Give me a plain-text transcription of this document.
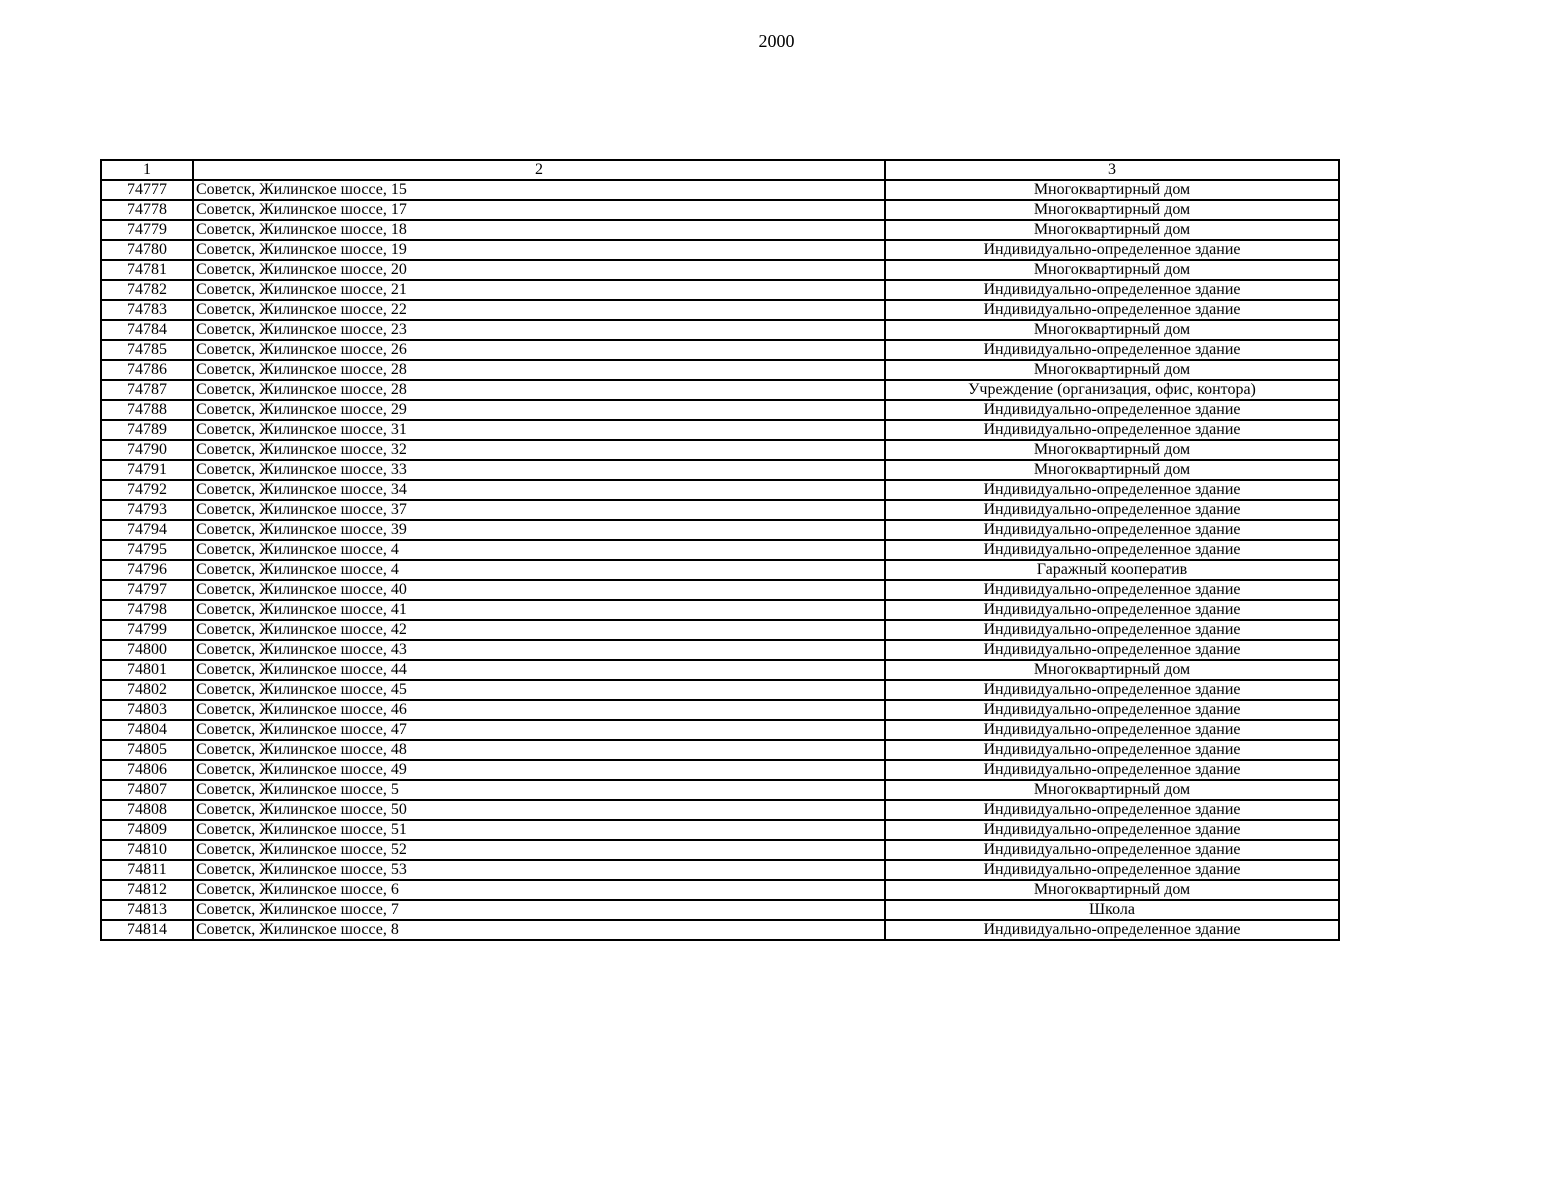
2000
1	2	3
74777	Советск, Жилинское шоссе, 15	Многоквартирный дом
74778	Советск, Жилинское шоссе, 17	Многоквартирный дом
74779	Советск, Жилинское шоссе, 18	Многоквартирный дом
74780	Советск, Жилинское шоссе, 19	Индивидуально-определенное здание
74781	Советск, Жилинское шоссе, 20	Многоквартирный дом
74782	Советск, Жилинское шоссе, 21	Индивидуально-определенное здание
74783	Советск, Жилинское шоссе, 22	Индивидуально-определенное здание
74784	Советск, Жилинское шоссе, 23	Многоквартирный дом
74785	Советск, Жилинское шоссе, 26	Индивидуально-определенное здание
74786	Советск, Жилинское шоссе, 28	Многоквартирный дом
74787	Советск, Жилинское шоссе, 28	Учреждение (организация, офис, контора)
74788	Советск, Жилинское шоссе, 29	Индивидуально-определенное здание
74789	Советск, Жилинское шоссе, 31	Индивидуально-определенное здание
74790	Советск, Жилинское шоссе, 32	Многоквартирный дом
74791	Советск, Жилинское шоссе, 33	Многоквартирный дом
74792	Советск, Жилинское шоссе, 34	Индивидуально-определенное здание
74793	Советск, Жилинское шоссе, 37	Индивидуально-определенное здание
74794	Советск, Жилинское шоссе, 39	Индивидуально-определенное здание
74795	Советск, Жилинское шоссе, 4	Индивидуально-определенное здание
74796	Советск, Жилинское шоссе, 4	Гаражный кооператив
74797	Советск, Жилинское шоссе, 40	Индивидуально-определенное здание
74798	Советск, Жилинское шоссе, 41	Индивидуально-определенное здание
74799	Советск, Жилинское шоссе, 42	Индивидуально-определенное здание
74800	Советск, Жилинское шоссе, 43	Индивидуально-определенное здание
74801	Советск, Жилинское шоссе, 44	Многоквартирный дом
74802	Советск, Жилинское шоссе, 45	Индивидуально-определенное здание
74803	Советск, Жилинское шоссе, 46	Индивидуально-определенное здание
74804	Советск, Жилинское шоссе, 47	Индивидуально-определенное здание
74805	Советск, Жилинское шоссе, 48	Индивидуально-определенное здание
74806	Советск, Жилинское шоссе, 49	Индивидуально-определенное здание
74807	Советск, Жилинское шоссе, 5	Многоквартирный дом
74808	Советск, Жилинское шоссе, 50	Индивидуально-определенное здание
74809	Советск, Жилинское шоссе, 51	Индивидуально-определенное здание
74810	Советск, Жилинское шоссе, 52	Индивидуально-определенное здание
74811	Советск, Жилинское шоссе, 53	Индивидуально-определенное здание
74812	Советск, Жилинское шоссе, 6	Многоквартирный дом
74813	Советск, Жилинское шоссе, 7	Школа
74814	Советск, Жилинское шоссе, 8	Индивидуально-определенное здание
